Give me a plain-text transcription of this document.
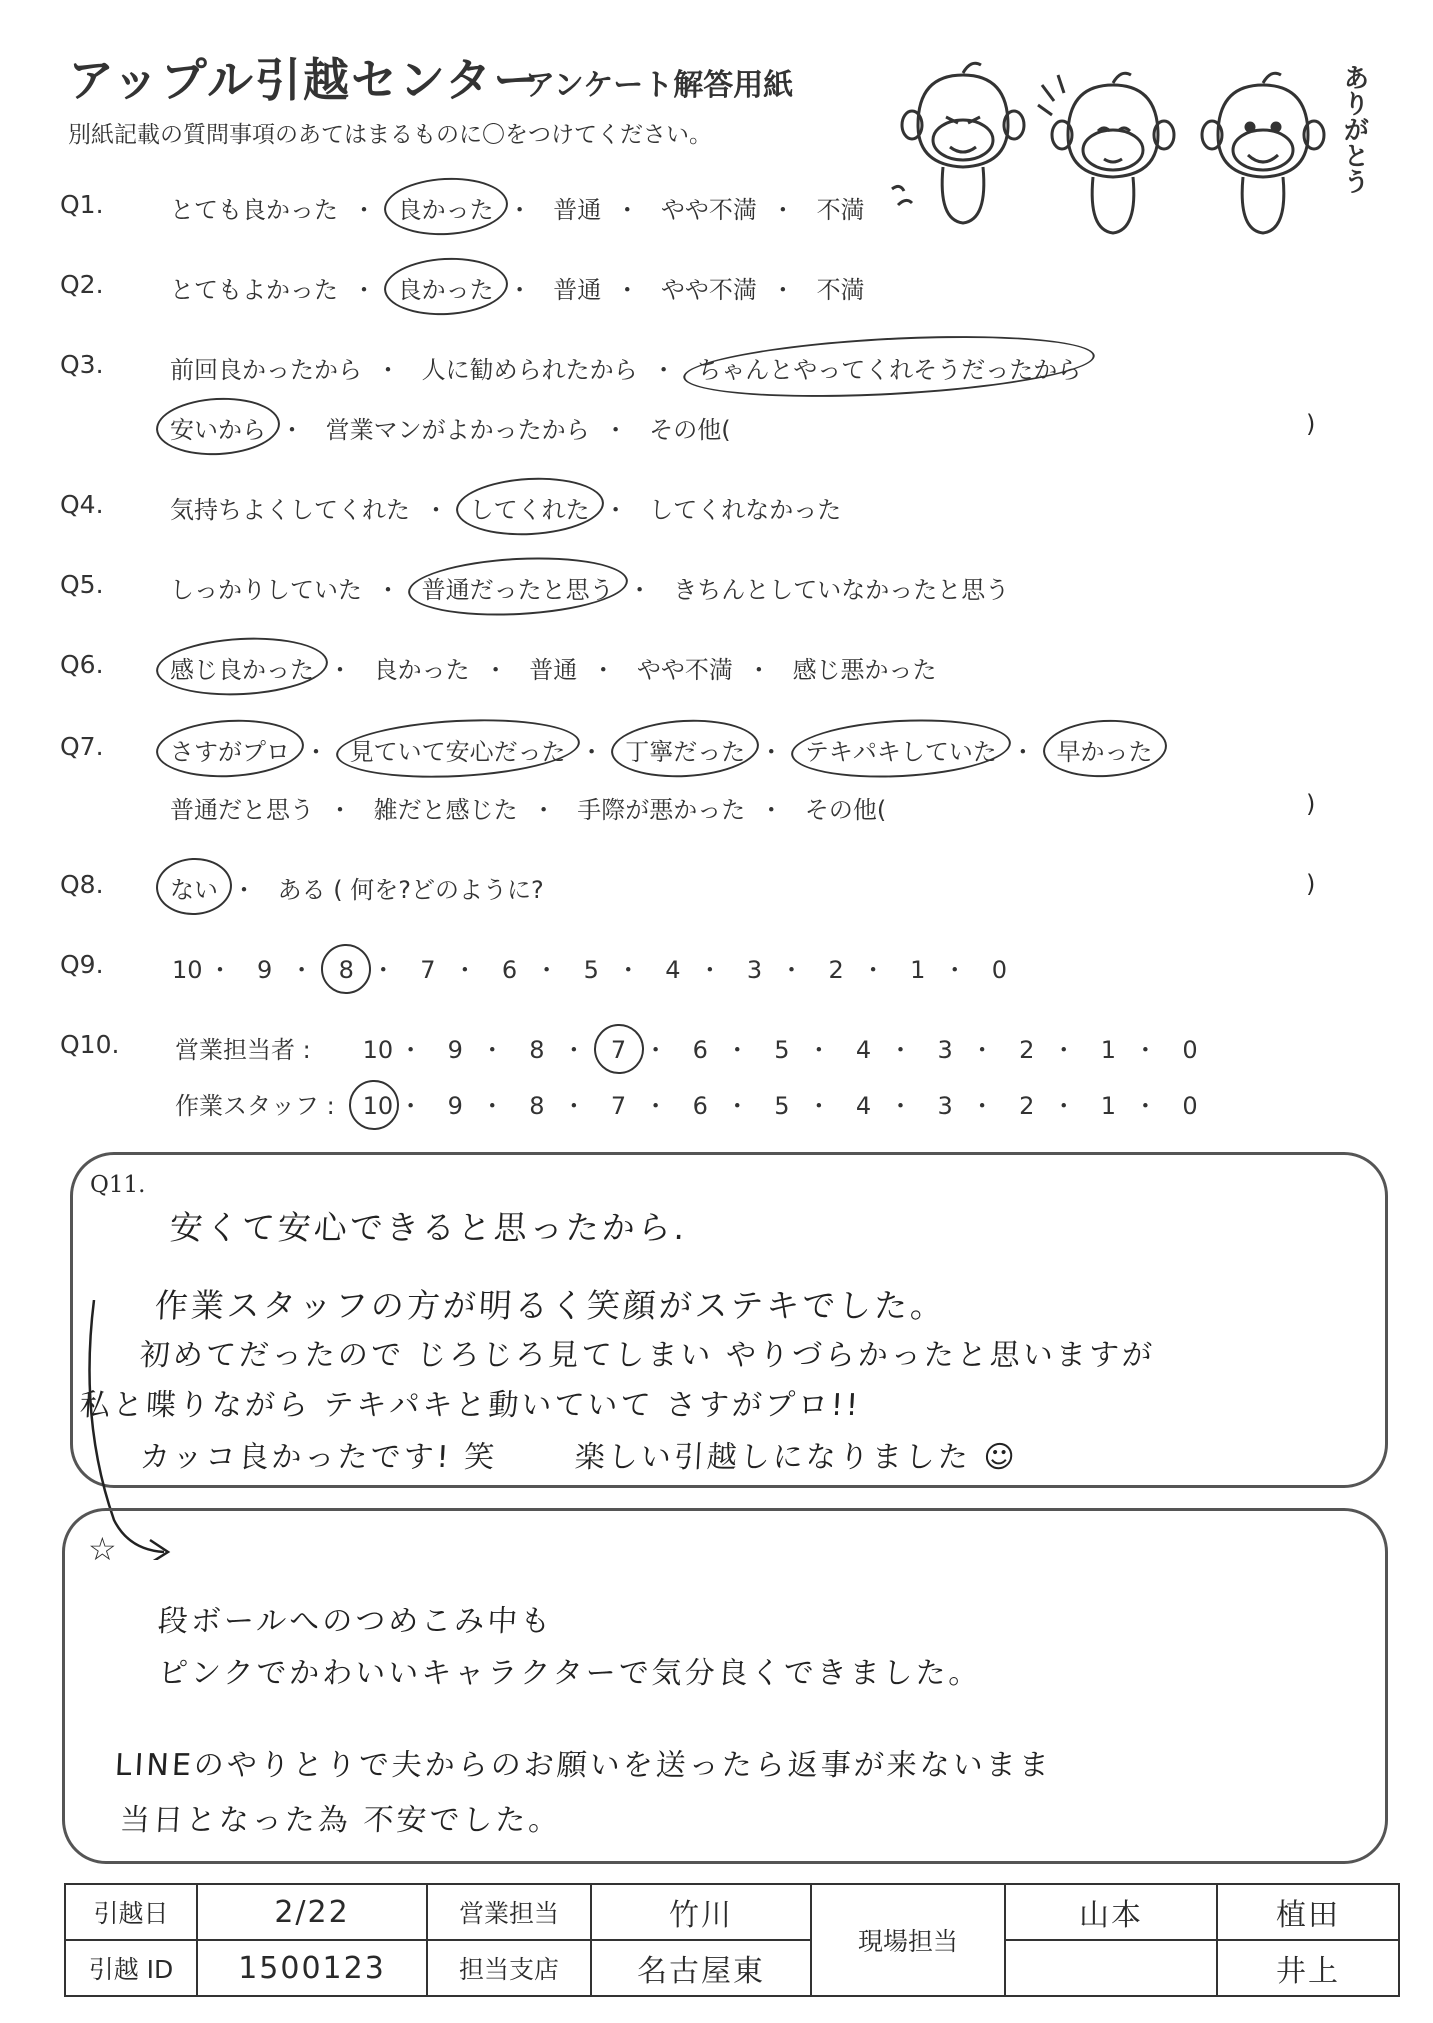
アップル引越センター
アンケート解答用紙
別紙記載の質問事項のあてはまるものに〇をつけてください。	ありがとう
Q1.	とても良かった ・ 良かった ・ 普通 ・ やや不満 ・ 不満
Q2.	とてもよかった ・ 良かった ・ 普通 ・ やや不満 ・ 不満
Q3.	前回良かったから ・ 人に勧められたから ・ ちゃんとやってくれそうだったから
安いから ・ 営業マンがよかったから ・ その他(	)
Q4.	気持ちよくしてくれた ・ してくれた ・ してくれなかった
Q5.	しっかりしていた ・ 普通だったと思う ・ きちんとしていなかったと思う
Q6.	感じ良かった ・ 良かった ・ 普通 ・ やや不満 ・ 感じ悪かった
Q7.	さすがプロ ・ 見ていて安心だった ・ 丁寧だった ・ テキパキしていた ・ 早かった
普通だと思う ・ 雑だと感じた ・ 手際が悪かった ・ その他(	)
Q8.	ない ・ ある ( 何を?どのように?	)
Q9.	10 ・ 9 ・ 8 ・ 7 ・ 6 ・ 5 ・ 4 ・ 3 ・ 2 ・ 1 ・ 0
Q10. 営業担当者 : 10 ・ 9 ・ 8 ・ 7 ・ 6 ・ 5 ・ 4 ・ 3 ・ 2 ・ 1 ・ 0
作業スタッフ : 10 ・ 9 ・ 8 ・ 7 ・ 6 ・ 5 ・ 4 ・ 3 ・ 2 ・ 1 ・ 0
Q11.
安くて安心できると思ったから.
作業スタッフの方が明るく笑顔がステキでした。
初めてだったので じろじろ見てしまい やりづらかったと思いますが
私と喋りながら テキパキと動いていて さすがプロ!!
カッコ良かったです! 笑	楽しい引越しになりました ☺
☆
段ボールへのつめこみ中も
ピンクでかわいいキャラクターで気分良くできました。
LINEのやりとりで夫からのお願いを送ったら返事が来ないまま
当日となった為 不安でした。
引越日	2/22	営業担当	竹川	現場担当	山本	植田
引越 ID	1500123	担当支店	名古屋東			井上
